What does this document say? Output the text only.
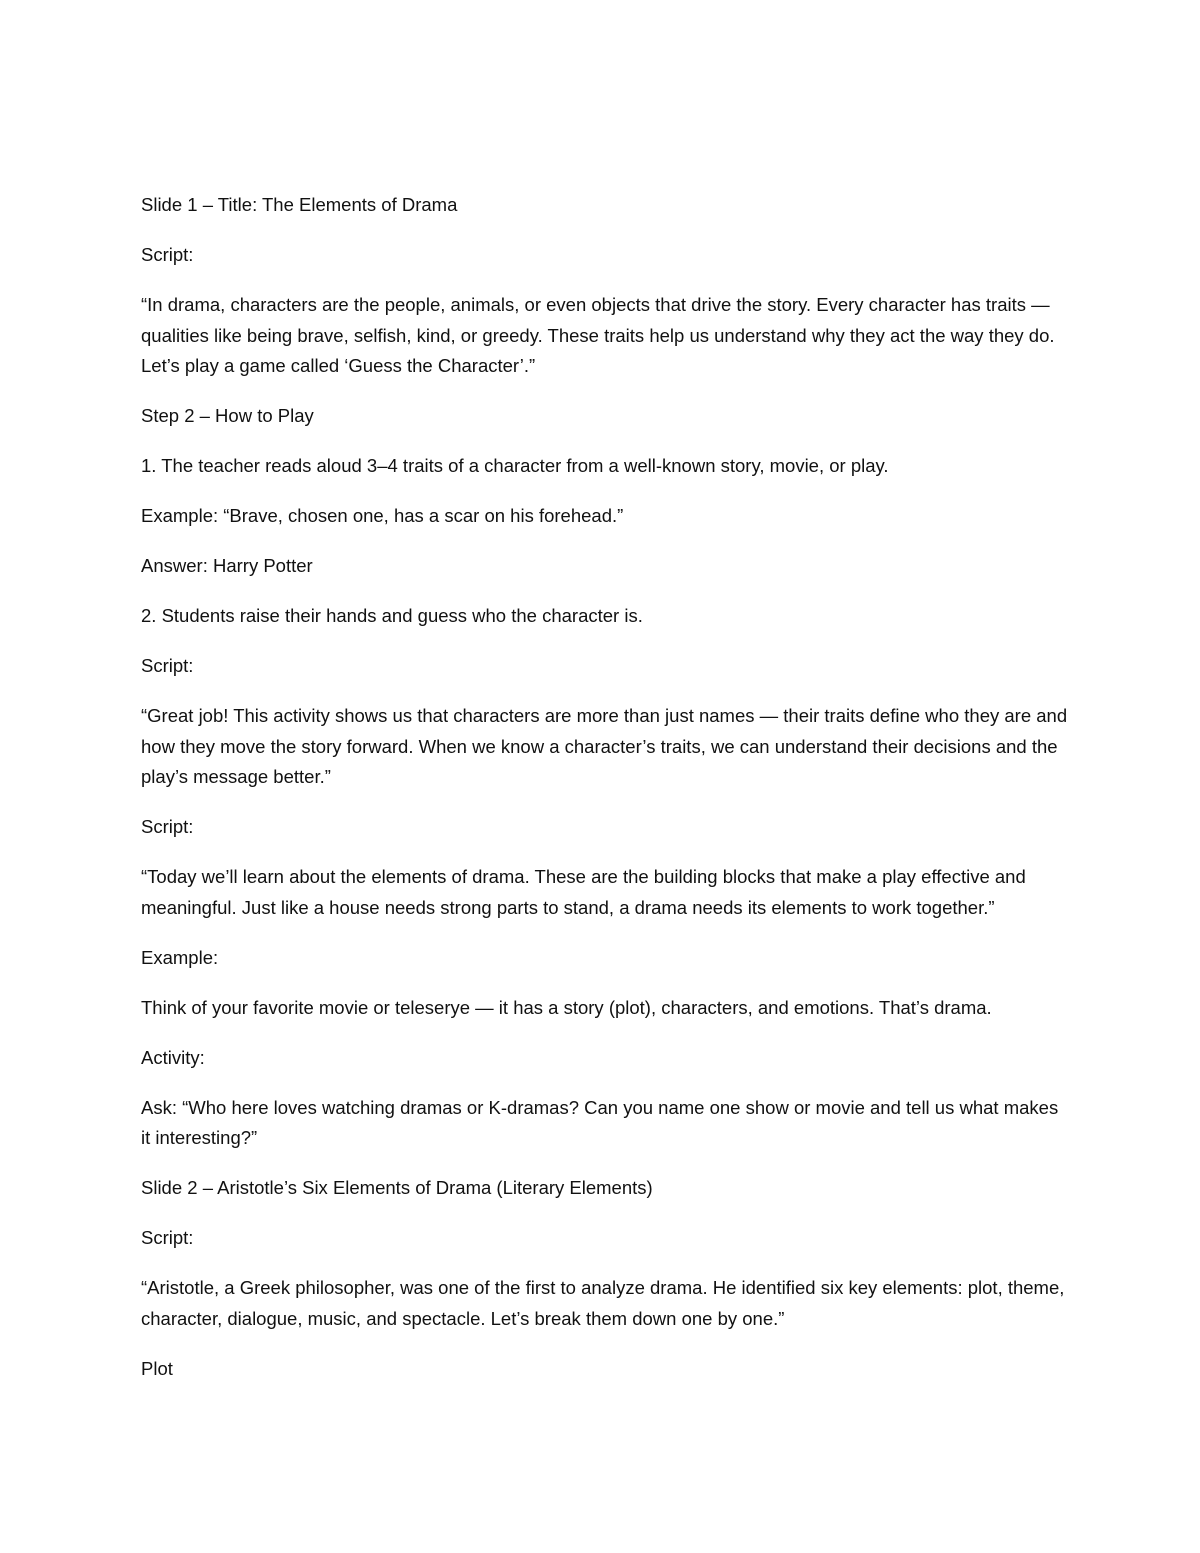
Slide 1 – Title: The Elements of Drama

Script:

“In drama, characters are the people, animals, or even objects that drive the story. Every character has traits — qualities like being brave, selfish, kind, or greedy. These traits help us understand why they act the way they do. Let’s play a game called ‘Guess the Character’.”

Step 2 – How to Play

1. The teacher reads aloud 3–4 traits of a character from a well-known story, movie, or play.

Example: “Brave, chosen one, has a scar on his forehead.”

Answer: Harry Potter

2. Students raise their hands and guess who the character is.

Script:

“Great job! This activity shows us that characters are more than just names — their traits define who they are and how they move the story forward. When we know a character’s traits, we can understand their decisions and the play’s message better.”

Script:

“Today we’ll learn about the elements of drama. These are the building blocks that make a play effective and meaningful. Just like a house needs strong parts to stand, a drama needs its elements to work together.”

Example:

Think of your favorite movie or teleserye — it has a story (plot), characters, and emotions. That’s drama.

Activity:

Ask: “Who here loves watching dramas or K-dramas? Can you name one show or movie and tell us what makes it interesting?”

Slide 2 – Aristotle’s Six Elements of Drama (Literary Elements)

Script:

“Aristotle, a Greek philosopher, was one of the first to analyze drama. He identified six key elements: plot, theme, character, dialogue, music, and spectacle. Let’s break them down one by one.”

Plot
